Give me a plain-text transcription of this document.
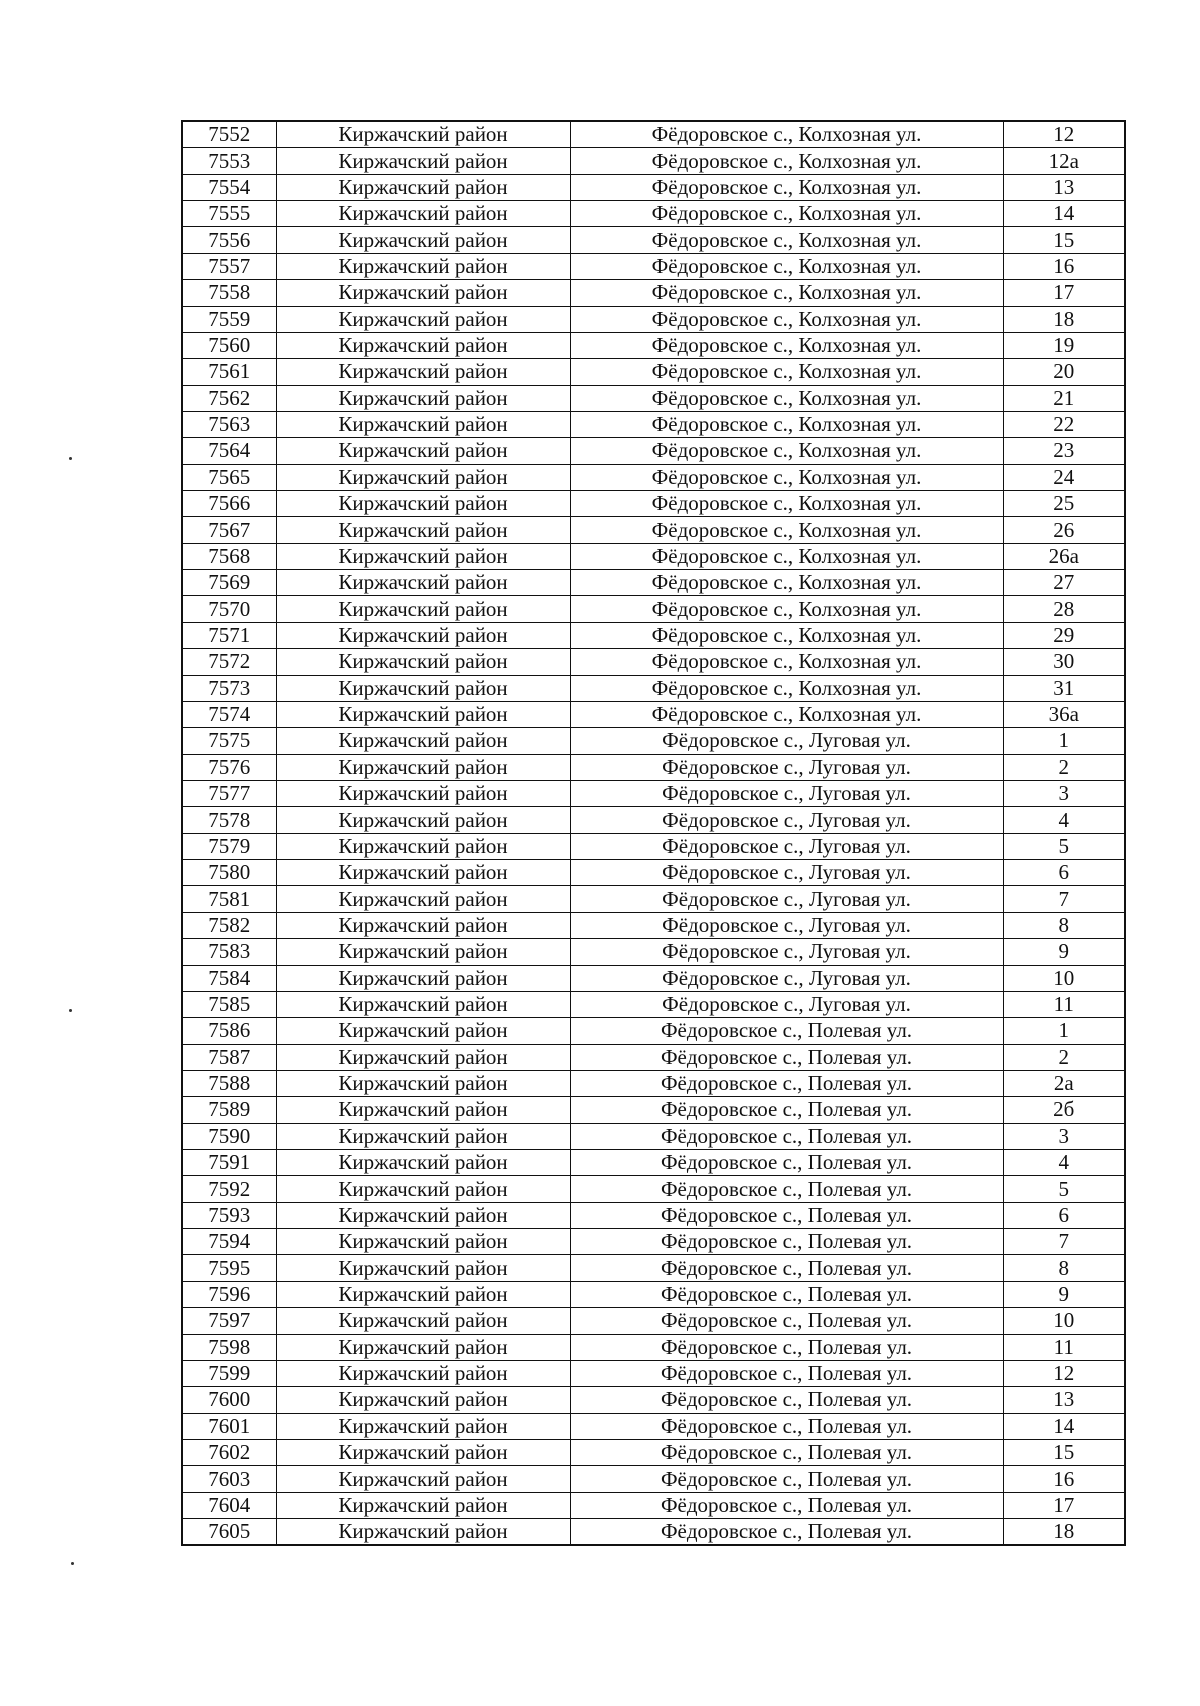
7552	Киржачский район	Фёдоровское с., Колхозная ул.	12
7553	Киржачский район	Фёдоровское с., Колхозная ул.	12а
7554	Киржачский район	Фёдоровское с., Колхозная ул.	13
7555	Киржачский район	Фёдоровское с., Колхозная ул.	14
7556	Киржачский район	Фёдоровское с., Колхозная ул.	15
7557	Киржачский район	Фёдоровское с., Колхозная ул.	16
7558	Киржачский район	Фёдоровское с., Колхозная ул.	17
7559	Киржачский район	Фёдоровское с., Колхозная ул.	18
7560	Киржачский район	Фёдоровское с., Колхозная ул.	19
7561	Киржачский район	Фёдоровское с., Колхозная ул.	20
7562	Киржачский район	Фёдоровское с., Колхозная ул.	21
7563	Киржачский район	Фёдоровское с., Колхозная ул.	22
7564	Киржачский район	Фёдоровское с., Колхозная ул.	23
7565	Киржачский район	Фёдоровское с., Колхозная ул.	24
7566	Киржачский район	Фёдоровское с., Колхозная ул.	25
7567	Киржачский район	Фёдоровское с., Колхозная ул.	26
7568	Киржачский район	Фёдоровское с., Колхозная ул.	26а
7569	Киржачский район	Фёдоровское с., Колхозная ул.	27
7570	Киржачский район	Фёдоровское с., Колхозная ул.	28
7571	Киржачский район	Фёдоровское с., Колхозная ул.	29
7572	Киржачский район	Фёдоровское с., Колхозная ул.	30
7573	Киржачский район	Фёдоровское с., Колхозная ул.	31
7574	Киржачский район	Фёдоровское с., Колхозная ул.	36а
7575	Киржачский район	Фёдоровское с., Луговая ул.	1
7576	Киржачский район	Фёдоровское с., Луговая ул.	2
7577	Киржачский район	Фёдоровское с., Луговая ул.	3
7578	Киржачский район	Фёдоровское с., Луговая ул.	4
7579	Киржачский район	Фёдоровское с., Луговая ул.	5
7580	Киржачский район	Фёдоровское с., Луговая ул.	6
7581	Киржачский район	Фёдоровское с., Луговая ул.	7
7582	Киржачский район	Фёдоровское с., Луговая ул.	8
7583	Киржачский район	Фёдоровское с., Луговая ул.	9
7584	Киржачский район	Фёдоровское с., Луговая ул.	10
7585	Киржачский район	Фёдоровское с., Луговая ул.	11
7586	Киржачский район	Фёдоровское с., Полевая ул.	1
7587	Киржачский район	Фёдоровское с., Полевая ул.	2
7588	Киржачский район	Фёдоровское с., Полевая ул.	2а
7589	Киржачский район	Фёдоровское с., Полевая ул.	2б
7590	Киржачский район	Фёдоровское с., Полевая ул.	3
7591	Киржачский район	Фёдоровское с., Полевая ул.	4
7592	Киржачский район	Фёдоровское с., Полевая ул.	5
7593	Киржачский район	Фёдоровское с., Полевая ул.	6
7594	Киржачский район	Фёдоровское с., Полевая ул.	7
7595	Киржачский район	Фёдоровское с., Полевая ул.	8
7596	Киржачский район	Фёдоровское с., Полевая ул.	9
7597	Киржачский район	Фёдоровское с., Полевая ул.	10
7598	Киржачский район	Фёдоровское с., Полевая ул.	11
7599	Киржачский район	Фёдоровское с., Полевая ул.	12
7600	Киржачский район	Фёдоровское с., Полевая ул.	13
7601	Киржачский район	Фёдоровское с., Полевая ул.	14
7602	Киржачский район	Фёдоровское с., Полевая ул.	15
7603	Киржачский район	Фёдоровское с., Полевая ул.	16
7604	Киржачский район	Фёдоровское с., Полевая ул.	17
7605	Киржачский район	Фёдоровское с., Полевая ул.	18
